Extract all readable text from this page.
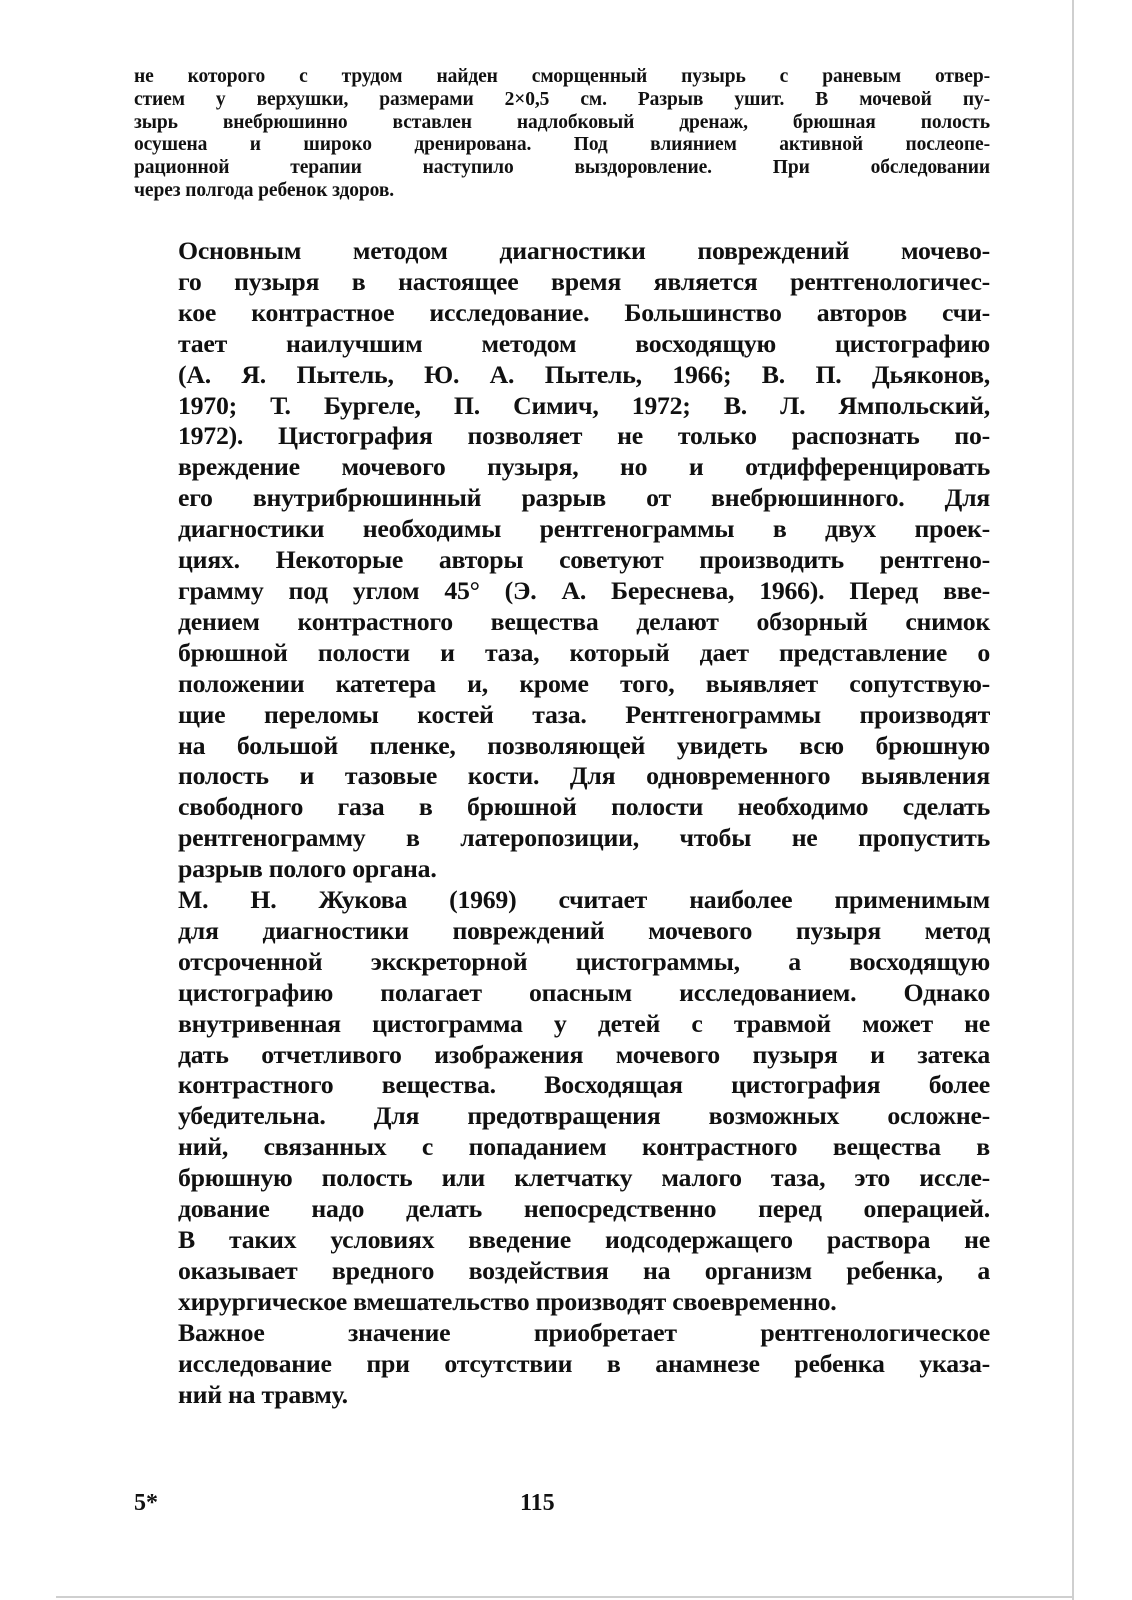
не которого с трудом найден сморщенный пузырь с раневым отвер-
стием у верхушки, размерами 2×0,5 см. Разрыв ушит. В мочевой пу-
зырь внебрюшинно вставлен надлобковый дренаж, брюшная полость
осушена и широко дренирована. Под влиянием активной послеопе-
рационной терапии наступило выздоровление. При обследовании
через полгода ребенок здоров.

Основным методом диагностики повреждений мочево-
го пузыря в настоящее время является рентгенологичес-
кое контрастное исследование. Большинство авторов счи-
тает наилучшим методом восходящую цистографию
(А. Я. Пытель, Ю. А. Пытель, 1966; В. П. Дьяконов,
1970; Т. Бургеле, П. Симич, 1972; В. Л. Ямпольский,
1972). Цистография позволяет не только распознать по-
вреждение мочевого пузыря, но и отдифференцировать
его внутрибрюшинный разрыв от внебрюшинного. Для
диагностики необходимы рентгенограммы в двух проек-
циях. Некоторые авторы советуют производить рентгено-
грамму под углом 45° (Э. А. Береснева, 1966). Перед вве-
дением контрастного вещества делают обзорный снимок
брюшной полости и таза, который дает представление о
положении катетера и, кроме того, выявляет сопутствую-
щие переломы костей таза. Рентгенограммы производят
на большой пленке, позволяющей увидеть всю брюшную
полость и тазовые кости. Для одновременного выявления
свободного газа в брюшной полости необходимо сделать
рентгенограмму в латеропозиции, чтобы не пропустить
разрыв полого органа.

М. Н. Жукова (1969) считает наиболее применимым
для диагностики повреждений мочевого пузыря метод
отсроченной экскреторной цистограммы, а восходящую
цистографию полагает опасным исследованием. Однако
внутривенная цистограмма у детей с травмой может не
дать отчетливого изображения мочевого пузыря и затека
контрастного вещества. Восходящая цистография более
убедительна. Для предотвращения возможных осложне-
ний, связанных с попаданием контрастного вещества в
брюшную полость или клетчатку малого таза, это иссле-
дование надо делать непосредственно перед операцией.
В таких условиях введение иодсодержащего раствора не
оказывает вредного воздействия на организм ребенка, а
хирургическое вмешательство производят своевременно.

Важное значение приобретает рентгенологическое
исследование при отсутствии в анамнезе ребенка указа-
ний на травму.

5*	115
